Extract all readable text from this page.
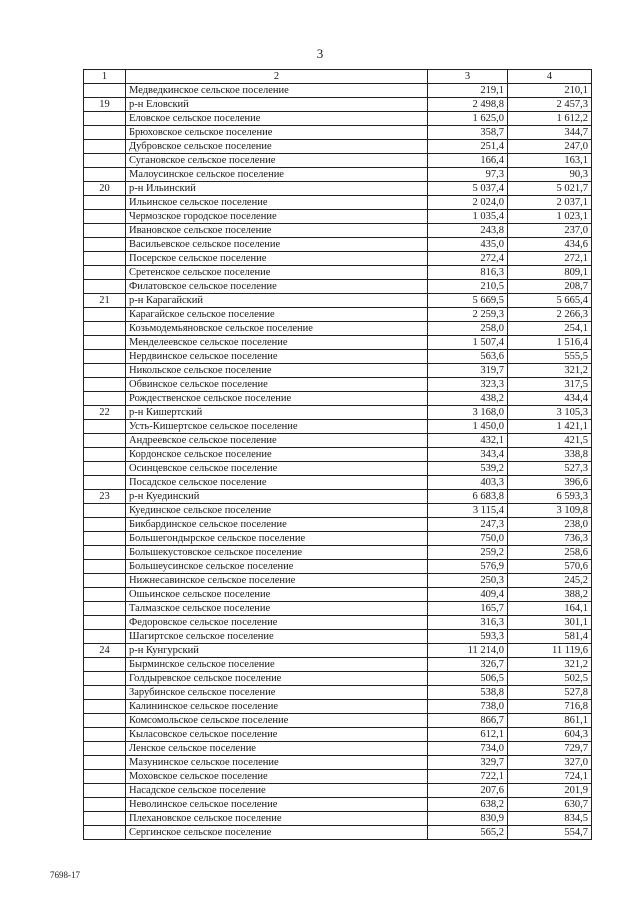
3
1	2	3	4
	Медведкинское сельское поселение	219,1	210,1
19	р-н Еловский	2 498,8	2 457,3
	Еловское сельское поселение	1 625,0	1 612,2
	Брюховское сельское поселение	358,7	344,7
	Дубровское сельское поселение	251,4	247,0
	Сугановское сельское поселение	166,4	163,1
	Малоусинское сельское поселение	97,3	90,3
20	р-н Ильинский	5 037,4	5 021,7
	Ильинское сельское поселение	2 024,0	2 037,1
	Чермозское городское поселение	1 035,4	1 023,1
	Ивановское сельское поселение	243,8	237,0
	Васильевское сельское поселение	435,0	434,6
	Посерское сельское поселение	272,4	272,1
	Сретенское сельское поселение	816,3	809,1
	Филатовское сельское поселение	210,5	208,7
21	р-н Карагайский	5 669,5	5 665,4
	Карагайское сельское поселение	2 259,3	2 266,3
	Козьмодемьяновское сельское поселение	258,0	254,1
	Менделеевское сельское поселение	1 507,4	1 516,4
	Нердвинское сельское поселение	563,6	555,5
	Никольское сельское поселение	319,7	321,2
	Обвинское сельское поселение	323,3	317,5
	Рождественское сельское поселение	438,2	434,4
22	р-н Кишертский	3 168,0	3 105,3
	Усть-Кишертское сельское поселение	1 450,0	1 421,1
	Андреевское сельское поселение	432,1	421,5
	Кордонское сельское поселение	343,4	338,8
	Осинцевское сельское поселение	539,2	527,3
	Посадское сельское поселение	403,3	396,6
23	р-н Куединский	6 683,8	6 593,3
	Куединское сельское поселение	3 115,4	3 109,8
	Бикбардинское сельское поселение	247,3	238,0
	Большегондырское сельское поселение	750,0	736,3
	Большекустовское сельское поселение	259,2	258,6
	Большеусинское сельское поселение	576,9	570,6
	Нижнесавинское сельское поселение	250,3	245,2
	Ошьинское сельское поселение	409,4	388,2
	Талмазское сельское поселение	165,7	164,1
	Федоровское сельское поселение	316,3	301,1
	Шагиртское сельское поселение	593,3	581,4
24	р-н Кунгурский	11 214,0	11 119,6
	Бырминское сельское поселение	326,7	321,2
	Голдыревское сельское поселение	506,5	502,5
	Зарубинское сельское поселение	538,8	527,8
	Калининское сельское поселение	738,0	716,8
	Комсомольское сельское поселение	866,7	861,1
	Кыласовское сельское поселение	612,1	604,3
	Ленское сельское поселение	734,0	729,7
	Мазунинское сельское поселение	329,7	327,0
	Моховское сельское поселение	722,1	724,1
	Насадское сельское поселение	207,6	201,9
	Неволинское сельское поселение	638,2	630,7
	Плехановское сельское поселение	830,9	834,5
	Сергинское сельское поселение	565,2	554,7
7698-17
